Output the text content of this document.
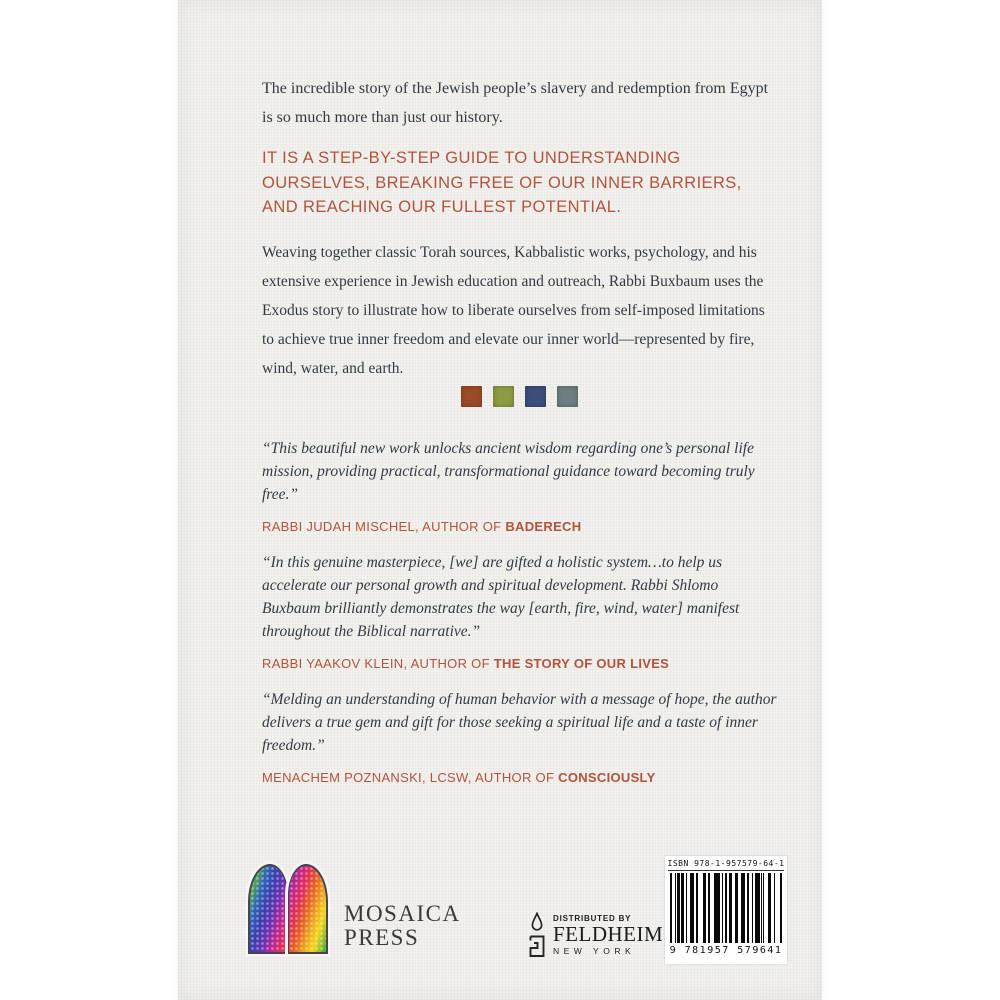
The incredible story of the Jewish people’s slavery and redemption from Egypt is so much more than just our history.

IT IS A STEP-BY-STEP GUIDE TO UNDERSTANDING
OURSELVES, BREAKING FREE OF OUR INNER BARRIERS,
AND REACHING OUR FULLEST POTENTIAL.

Weaving together classic Torah sources, Kabbalistic works, psychology, and his extensive experience in Jewish education and outreach, Rabbi Buxbaum uses the Exodus story to illustrate how to liberate ourselves from self-imposed limitations to achieve true inner freedom and elevate our inner world—represented by fire, wind, water, and earth.

“This beautiful new work unlocks ancient wisdom regarding one’s personal life mission, providing practical, transformational guidance toward becoming truly free.”

RABBI JUDAH MISCHEL, AUTHOR OF BADERECH

“In this genuine masterpiece, [we] are gifted a holistic system…to help us accelerate our personal growth and spiritual development. Rabbi Shlomo Buxbaum brilliantly demonstrates the way [earth, fire, wind, water] manifest throughout the Biblical narrative.”

RABBI YAAKOV KLEIN, AUTHOR OF THE STORY OF OUR LIVES

“Melding an understanding of human behavior with a message of hope, the author delivers a true gem and gift for those seeking a spiritual life and a taste of inner freedom.”

MENACHEM POZNANSKI, LCSW, AUTHOR OF CONSCIOUSLY

MOSAICA
PRESS
DISTRIBUTED BY
FELDHEIM
NEW YORK
ISBN 978-1-957579-64-1
9 781957 579641
